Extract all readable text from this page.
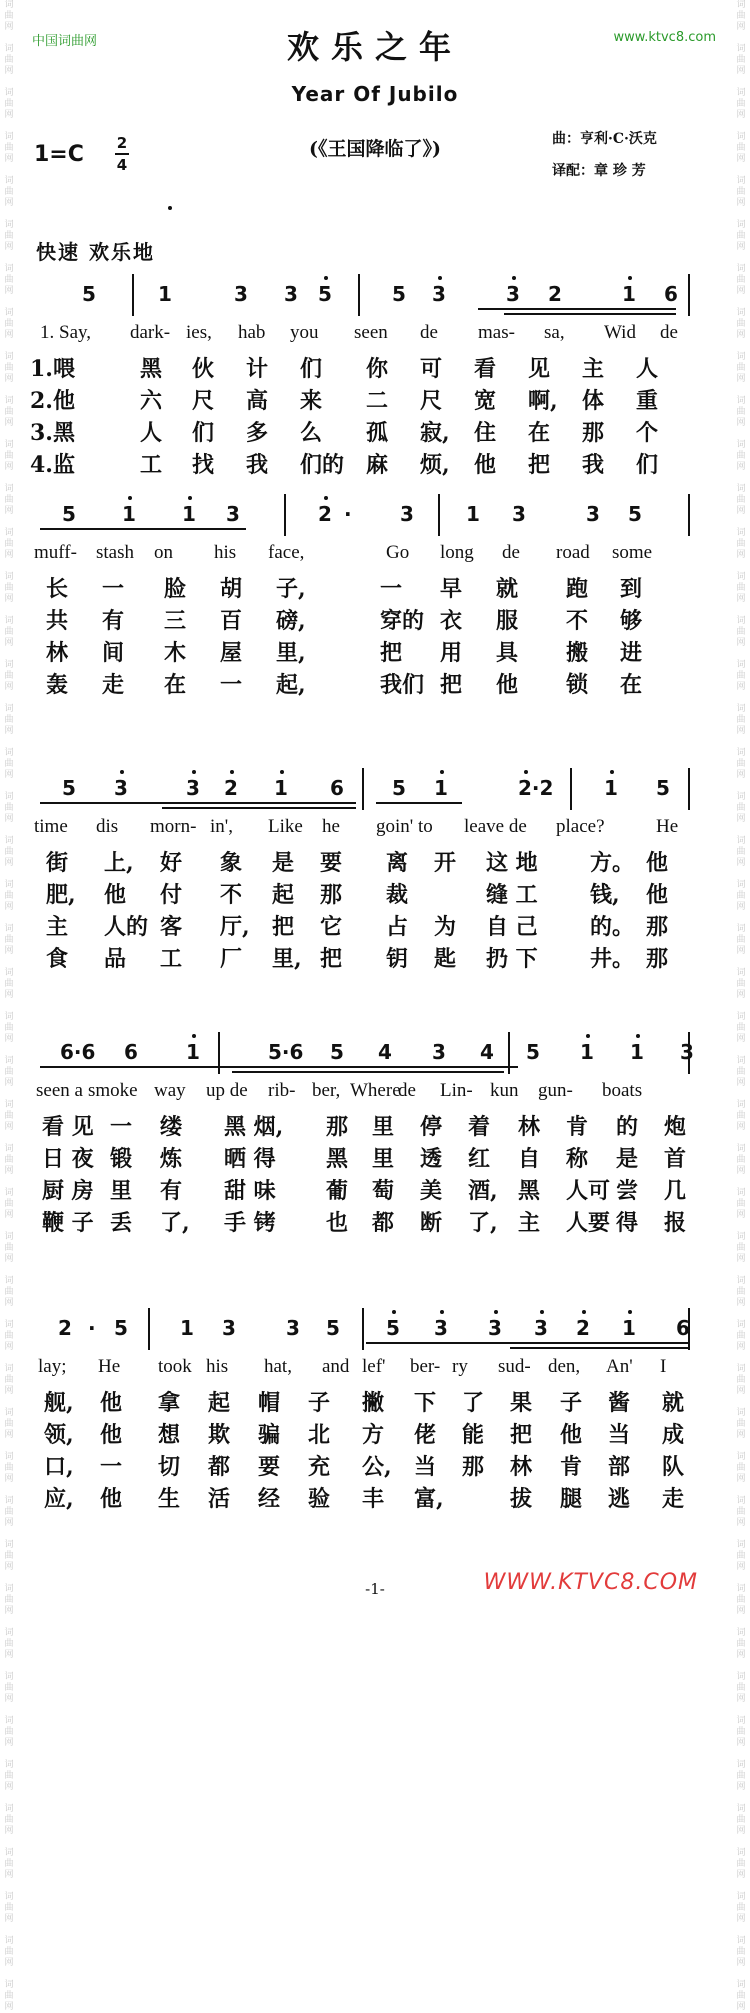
词
曲
网

词
曲
网

词
曲
网

词
曲
网

词
曲
网

词
曲
网

词
曲
网

词
曲
网

词
曲
网

词
曲
网

词
曲
网

词
曲
网

词
曲
网

词
曲
网

词
曲
网

词
曲
网

词
曲
网

词
曲
网

词
曲
网

词
曲
网

词
曲
网

词
曲
网

词
曲
网

词
曲
网

词
曲
网

词
曲
网

词
曲
网

词
曲
网

词
曲
网

词
曲
网

词
曲
网

词
曲
网

词
曲
网

词
曲
网

词
曲
网

词
曲
网

词
曲
网

词
曲
网

词
曲
网

词
曲
网

词
曲
网

词
曲
网

词
曲
网

词
曲
网

词
曲
网

词
曲
网

词
曲
网

词
曲
网

词
曲
网

词
曲
网

词
曲
网

词
曲
网

词
曲
网

词
曲
网

词
曲
网

词
曲
网

词
曲
网

词
曲
网

词
曲
网

词
曲
网

词
曲
网

词
曲
网

词
曲
网

词
曲
网

词
曲
网

词
曲
网

词
曲
网

词
曲
网

词
曲
网

词
曲
网

词
曲
网

词
曲
网

词
曲
网

词
曲
网

词
曲
网

词
曲
网

词
曲
网

词
曲
网

词
曲
网

词
曲
网

词
曲
网

词
曲
网

词
曲
网

词
曲
网

词
曲
网

词
曲
网

词
曲
网

词
曲
网

词
曲
网

词
曲
网

词
曲
网

词
曲
网

中国词曲网	www.ktvc8.com
欢乐之年
Year Of Jubilo
1=C 2
4
(《王国降临了》)	曲：亨利·C·沃克
译配：章 珍 芳
快速 欢乐地
5	1	3 3 5	5 3	3 2	1 6
1. Say, dark- ies, hab you seen de mas- sa, Wid de
1.喂	黑 伙 计 们 你 可 看 见 主 人
2.他	六 尺 高 来 二 尺 宽 啊, 体 重
3.黑	人 们 多 么 孤 寂, 住 在 那 个
4.监	工 找 我 们的 麻 烦, 他 把 我 们
5 1 1 3	2 · 3	1 3	3 5
muff- stash on his face,	Go long de road some
长 一 脸 胡 子,	一 早 就 跑 到
共 有 三 百 磅,	穿的 衣 服 不 够
林 间 木 屋 里,	把 用 具 搬 进
轰 走 在 一 起,	我们 把 他 锁 在
5 3	3 2 1 6 5 1	2·2	1 5
time dis morn- in', Like he goin' to leave de place?	He
街 上, 好 象 是 要 离 开 这 地 方。 他
肥, 他 付 不 起 那 裁	缝 工 钱, 他
主 人的 客 厅, 把 它 占 为 自 己 的。 那
食 品 工 厂 里, 把 钥 匙 扔 下 井。 那
6·6 6 1	5·6 5 4 3 4 5 1 1 3
seen a smoke way up de rib- ber, Where
de Lin- kun gun- boats
看 见 一 缕 黑 烟, 那 里 停 着 林 肯 的 炮
日 夜 锻 炼 晒 得 黑 里 透 红 自 称 是 首
厨 房 里 有 甜 味 葡 萄 美 酒, 黑 人可 尝 几
鞭 子 丢 了, 手 铐 也 都 断 了, 主 人要 得 报
2 · 5	1 3	3 5 5 3 3 3 2 1 6
lay; He took his hat, and lef' ber- ry sud- den, An' I
舰, 他 拿 起 帽 子 撇 下 了 果 子 酱 就
领, 他 想 欺 骗 北 方 佬 能 把 他 当 成
口, 一 切 都 要 充 公, 当 那 林 肯 部 队
应, 他 生 活 经 验 丰 富,	拔 腿 逃 走
-1-	WWW.KTVC8.COM
